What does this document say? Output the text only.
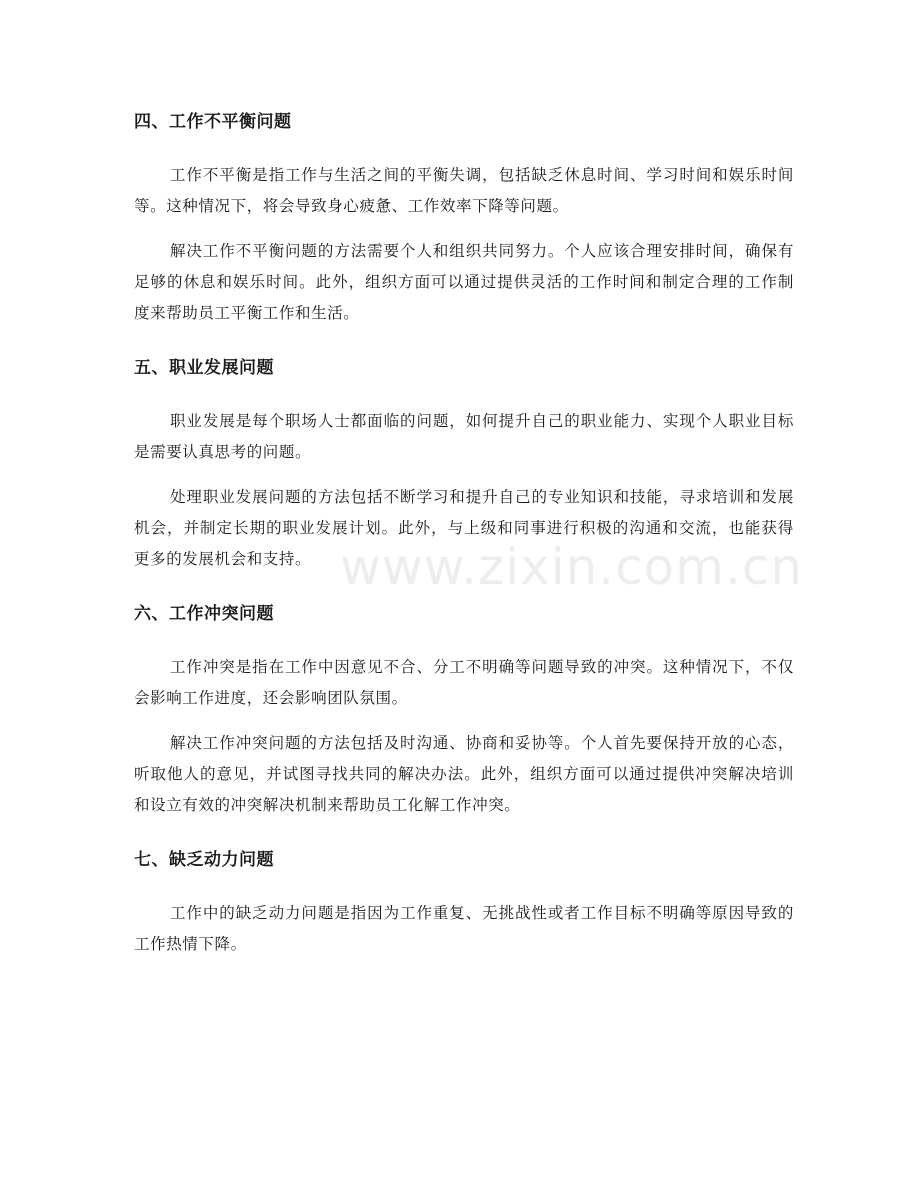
四、工作不平衡问题

工作不平衡是指工作与生活之间的平衡失调，包括缺乏休息时间、学习时间和娱乐时间等。这种情况下，将会导致身心疲惫、工作效率下降等问题。

解决工作不平衡问题的方法需要个人和组织共同努力。个人应该合理安排时间，确保有足够的休息和娱乐时间。此外，组织方面可以通过提供灵活的工作时间和制定合理的工作制度来帮助员工平衡工作和生活。

五、职业发展问题

职业发展是每个职场人士都面临的问题，如何提升自己的职业能力、实现个人职业目标是需要认真思考的问题。

处理职业发展问题的方法包括不断学习和提升自己的专业知识和技能，寻求培训和发展机会，并制定长期的职业发展计划。此外，与上级和同事进行积极的沟通和交流，也能获得更多的发展机会和支持。

六、工作冲突问题

工作冲突是指在工作中因意见不合、分工不明确等问题导致的冲突。这种情况下，不仅会影响工作进度，还会影响团队氛围。

解决工作冲突问题的方法包括及时沟通、协商和妥协等。个人首先要保持开放的心态，听取他人的意见，并试图寻找共同的解决办法。此外，组织方面可以通过提供冲突解决培训和设立有效的冲突解决机制来帮助员工化解工作冲突。

七、缺乏动力问题

工作中的缺乏动力问题是指因为工作重复、无挑战性或者工作目标不明确等原因导致的工作热情下降。

www.zixin.com.cn
